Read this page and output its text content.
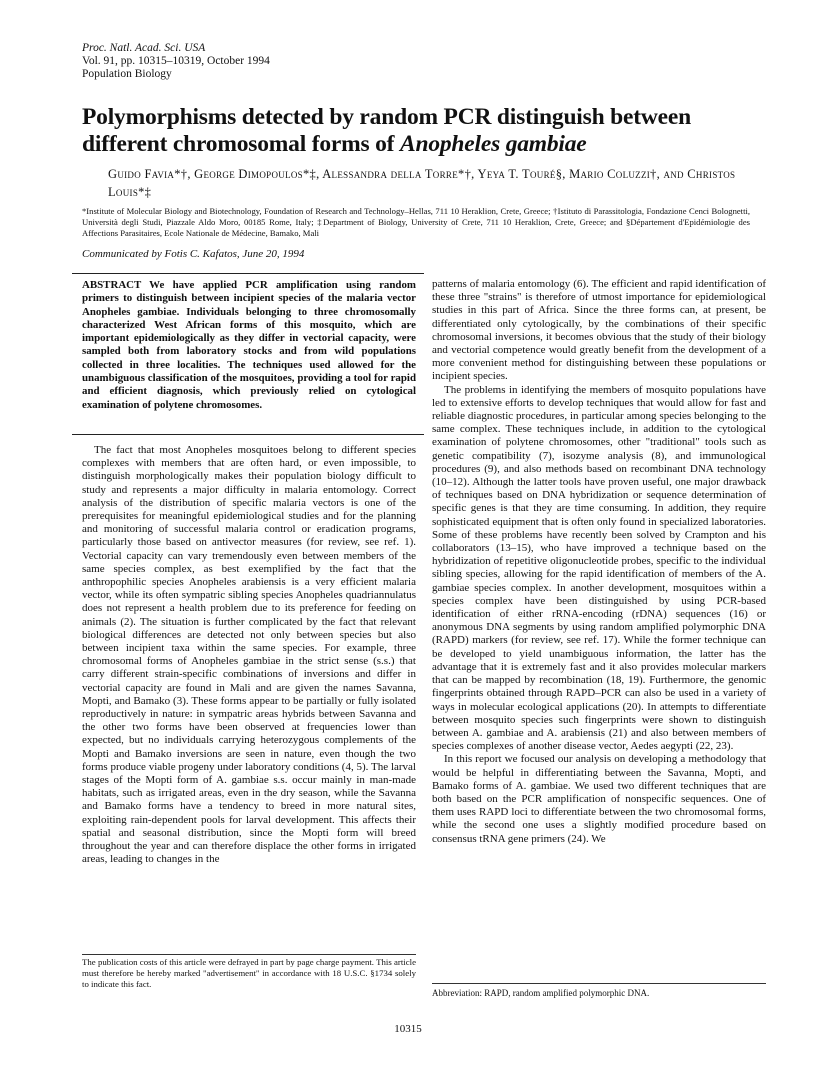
Proc. Natl. Acad. Sci. USA
Vol. 91, pp. 10315–10319, October 1994
Population Biology
Polymorphisms detected by random PCR distinguish between
different chromosomal forms of Anopheles gambiae
Guido Favia*†, George Dimopoulos*‡, Alessandra della Torre*†, Yeya T. Touré§, Mario Coluzzi†, and Christos Louis*‡
*Institute of Molecular Biology and Biotechnology, Foundation of Research and Technology–Hellas, 711 10 Heraklion, Crete, Greece; †Istituto di Parassitologia, Fondazione Cenci Bolognetti, Università degli Studi, Piazzale Aldo Moro, 00185 Rome, Italy; ‡Department of Biology, University of Crete, 711 10 Heraklion, Crete, Greece; and §Département d'Epidémiologie des Affections Parasitaires, Ecole Nationale de Médecine, Bamako, Mali
Communicated by Fotis C. Kafatos, June 20, 1994
ABSTRACT We have applied PCR amplification using random primers to distinguish between incipient species of the malaria vector Anopheles gambiae. Individuals belonging to three chromosomally characterized West African forms of this mosquito, which are important epidemiologically as they differ in vectorial capacity, were sampled both from laboratory stocks and from wild populations collected in three localities. The techniques used allowed for the unambiguous classification of the mosquitoes, providing a tool for rapid and efficient diagnosis, which previously relied on cytological examination of polytene chromosomes.

The fact that most Anopheles mosquitoes belong to different species complexes with members that are often hard, or even impossible, to distinguish morphologically makes their population biology difficult to study and represents a major difficulty in malaria entomology. Correct analysis of the distribution of specific malaria vectors is one of the prerequisites for meaningful epidemiological studies and for the planning and monitoring of successful malaria control or eradication programs, particularly those based on antivector measures (for review, see ref. 1). Vectorial capacity can vary tremendously even between members of the same species complex, as best exemplified by the fact that the anthropophilic species Anopheles arabiensis is a very efficient malaria vector, while its often sympatric sibling species Anopheles quadriannulatus does not represent a health problem due to its preference for feeding on animals (2). The situation is further complicated by the fact that relevant biological differences are detected not only between species but also between incipient taxa within the same species. For example, three chromosomal forms of Anopheles gambiae in the strict sense (s.s.) that carry different strain-specific combinations of inversions and differ in vectorial capacity are found in Mali and are given the names Savanna, Mopti, and Bamako (3). These forms appear to be partially or fully isolated reproductively in nature: in sympatric areas hybrids between Savanna and the other two forms have been observed at frequencies lower than expected, but no individuals carrying heterozygous complements of the Mopti and Bamako inversions are seen in nature, even though the two forms produce viable progeny under laboratory conditions (4, 5). The larval stages of the Mopti form of A. gambiae s.s. occur mainly in man-made habitats, such as irrigated areas, even in the dry season, while the Savanna and Bamako forms have a tendency to breed in more natural sites, exploiting rain-dependent pools for larval development. This affects their spatial and seasonal distribution, since the Mopti form will breed throughout the year and can therefore displace the other forms in irrigated areas, leading to changes in the

patterns of malaria entomology (6). The efficient and rapid identification of these three "strains" is therefore of utmost importance for epidemiological studies in this part of Africa. Since the three forms can, at present, be differentiated only cytologically, by the combinations of their specific chromosomal inversions, it becomes obvious that the study of their biology and vectorial competence would greatly benefit from the development of a more convenient method for distinguishing between these populations or incipient species.

The problems in identifying the members of mosquito populations have led to extensive efforts to develop techniques that would allow for fast and reliable diagnostic procedures, in particular among species belonging to the same complex. These techniques include, in addition to the cytological examination of polytene chromosomes, other "traditional" tools such as genetic compatibility (7), isozyme analysis (8), and immunological procedures (9), and also methods based on recombinant DNA technology (10–12). Although the latter tools have proven useful, one major drawback of techniques based on DNA hybridization or sequence determination of specific genes is that they are time consuming. In addition, they require sophisticated equipment that is often only found in specialized laboratories. Some of these problems have recently been solved by Crampton and his collaborators (13–15), who have improved a technique based on the hybridization of repetitive oligonucleotide probes, specific to the individual sibling species, allowing for the rapid identification of members of the A. gambiae species complex. In another development, mosquitoes within a species complex have been distinguished by using PCR-based identification of either rRNA-encoding (rDNA) sequences (16) or anonymous DNA segments by using random amplified polymorphic DNA (RAPD) markers (for review, see ref. 17). While the former technique can be developed to yield unambiguous information, the latter has the advantage that it is extremely fast and it also provides molecular markers that can be mapped by recombination (18, 19). Furthermore, the genomic fingerprints obtained through RAPD–PCR can also be used in a variety of ways in molecular ecological applications (20). In attempts to differentiate between mosquito species such fingerprints were shown to distinguish between A. gambiae and A. arabiensis (21) and also between members of species complexes of another disease vector, Aedes aegypti (22, 23).

In this report we focused our analysis on developing a methodology that would be helpful in differentiating between the Savanna, Mopti, and Bamako forms of A. gambiae. We used two different techniques that are both based on the PCR amplification of nonspecific sequences. One of them uses RAPD loci to differentiate between the two chromosomal forms, while the second one uses a slightly modified procedure based on consensus tRNA gene primers (24). We

The publication costs of this article were defrayed in part by page charge payment. This article must therefore be hereby marked "advertisement" in accordance with 18 U.S.C. §1734 solely to indicate this fact.
Abbreviation: RAPD, random amplified polymorphic DNA.
10315
